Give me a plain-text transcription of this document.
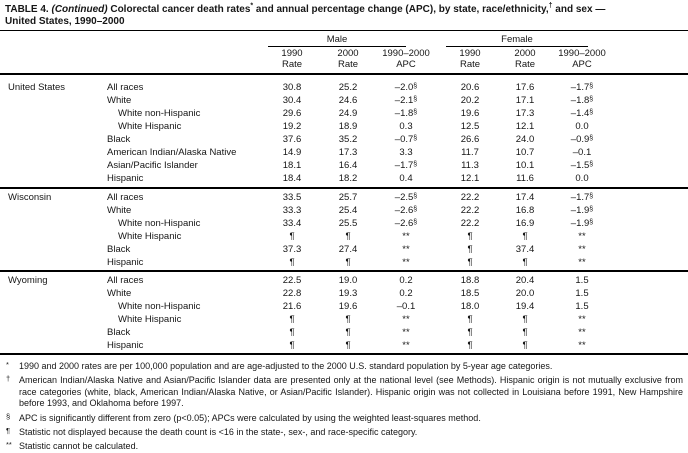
TABLE 4. (Continued) Colorectal cancer death rates* and annual percentage change (APC), by state, race/ethnicity,† and sex —
United States, 1990–2000
Male	Female
1990
Rate
2000
Rate
1990–2000
APC
1990
Rate
2000
Rate
1990–2000
APC
United States	All races	30.8	25.2	–2.0§	20.6	17.6	–1.7§
White	30.4	24.6	–2.1§	20.2	17.1	–1.8§
White non-Hispanic	29.6	24.9	–1.8§	19.6	17.3	–1.4§
White Hispanic	19.2	18.9	0.3	12.5	12.1	0.0
Black	37.6	35.2	–0.7§	26.6	24.0	–0.9§
American Indian/Alaska Native	14.9	17.3	3.3	11.7	10.7	–0.1
Asian/Pacific Islander	18.1	16.4	–1.7§	11.3	10.1	–1.5§
Hispanic	18.4	18.2	0.4	12.1	11.6	0.0
Wisconsin	All races	33.5	25.7	–2.5§	22.2	17.4	–1.7§
White	33.3	25.4	–2.6§	22.2	16.8	–1.9§
White non-Hispanic	33.4	25.5	–2.6§	22.2	16.9	–1.9§
White Hispanic	¶	¶	**	¶	¶	**
Black	37.3	27.4	**	¶	37.4	**
Hispanic	¶	¶	**	¶	¶	**
Wyoming	All races	22.5	19.0	0.2	18.8	20.4	1.5
White	22.8	19.3	0.2	18.5	20.0	1.5
White non-Hispanic	21.6	19.6	–0.1	18.0	19.4	1.5
White Hispanic	¶	¶	**	¶	¶	**
Black	¶	¶	**	¶	¶	**
Hispanic	¶	¶	**	¶	¶	**
* 1990 and 2000 rates are per 100,000 population and are age-adjusted to the 2000 U.S. standard population by 5-year age categories.
† American Indian/Alaska Native and Asian/Pacific Islander data are presented only at the national level (see Methods). Hispanic origin is not mutually exclusive from race categories (white, black, American Indian/Alaska Native, or Asian/Pacific Islander). Hispanic origin was not collected in Louisiana before 1991, New Hampshire before 1993, and Oklahoma before 1997.
§ APC is significantly different from zero (p<0.05); APCs were calculated by using the weighted least-squares method.
¶ Statistic not displayed because the death count is <16 in the state-, sex-, and race-specific category.
** Statistic cannot be calculated.
